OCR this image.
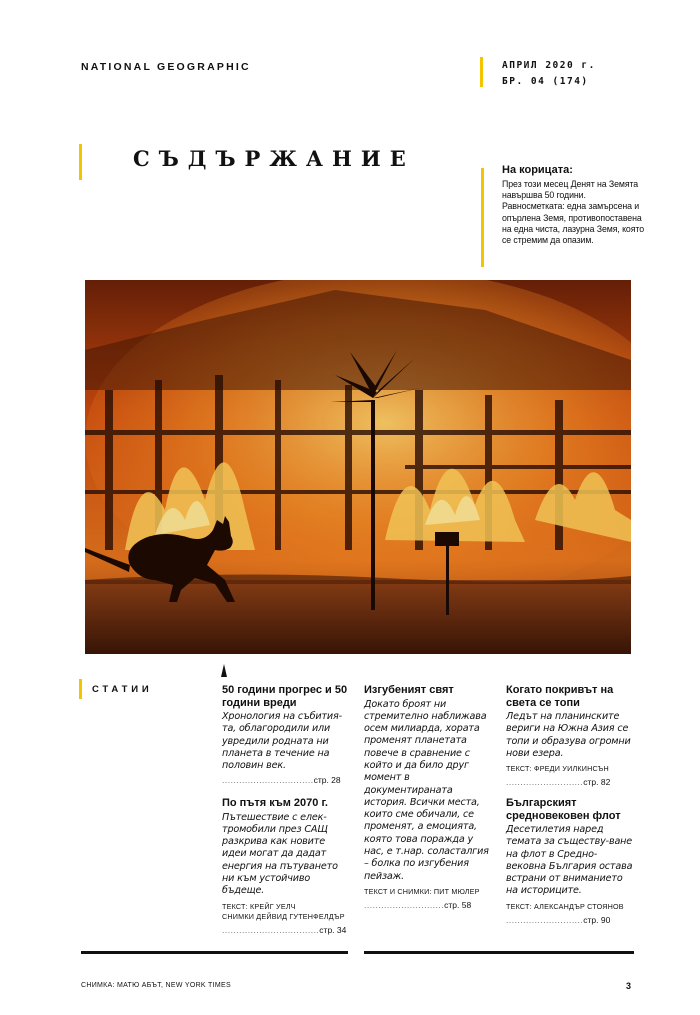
NATIONAL GEOGRAPHIC	АПРИЛ 2020 г.
БР. 04 (174)
СЪДЪРЖАНИЕ	На корицата:
През този месец Денят на Земята навършва 50 години. Равносметката: една замърсена и опърлена Земя, противопоставена на една чиста, лазурна Земя, която се стремим да опазим.
СТАТИИ	50 години прогрес и 50 години вреди
Хронология на събития-та, облагородили или увредили родната ни планета в течение на половин век.
................................стр. 28
По пътя към 2070 г.
Пътешествие с елек-тромобили през САЩ разкрива как новите идеи могат да дадат енергия на пътуването ни към устойчиво бъдеще.
ТЕКСТ: КРЕЙГ УЕЛЧ
СНИМКИ ДЕЙВИД ГУТЕНФЕЛДЪР
..................................стр. 34
Изгубеният свят
Докато броят ни стремително наближава осем милиарда, хората променят планетата повече в сравнение с който и да било друг момент в документираната история. Всички места, които сме обичали, се променят, а емоцията, която това поражда у нас, е т.нар. соласталгия – болка по изгубения пейзаж.
ТЕКСТ И СНИМКИ: ПИТ МЮЛЕР
............................стр. 58
Когато покривът на света се топи
Ледът на планинските вериги на Южна Азия се топи и образува огромни нови езера.
ТЕКСТ: ФРЕДИ УИЛКИНСЪН
...........................стр. 82
Българският средновековен флот
Десетилетия наред темата за съществу-ване на флот в Средно-вековна България остава встрани от вниманието на историците.
ТЕКСТ: АЛЕКСАНДЪР СТОЯНОВ
...........................стр. 90
СНИМКА: МАТЮ АБЪТ, NEW YORK TIMES	3
